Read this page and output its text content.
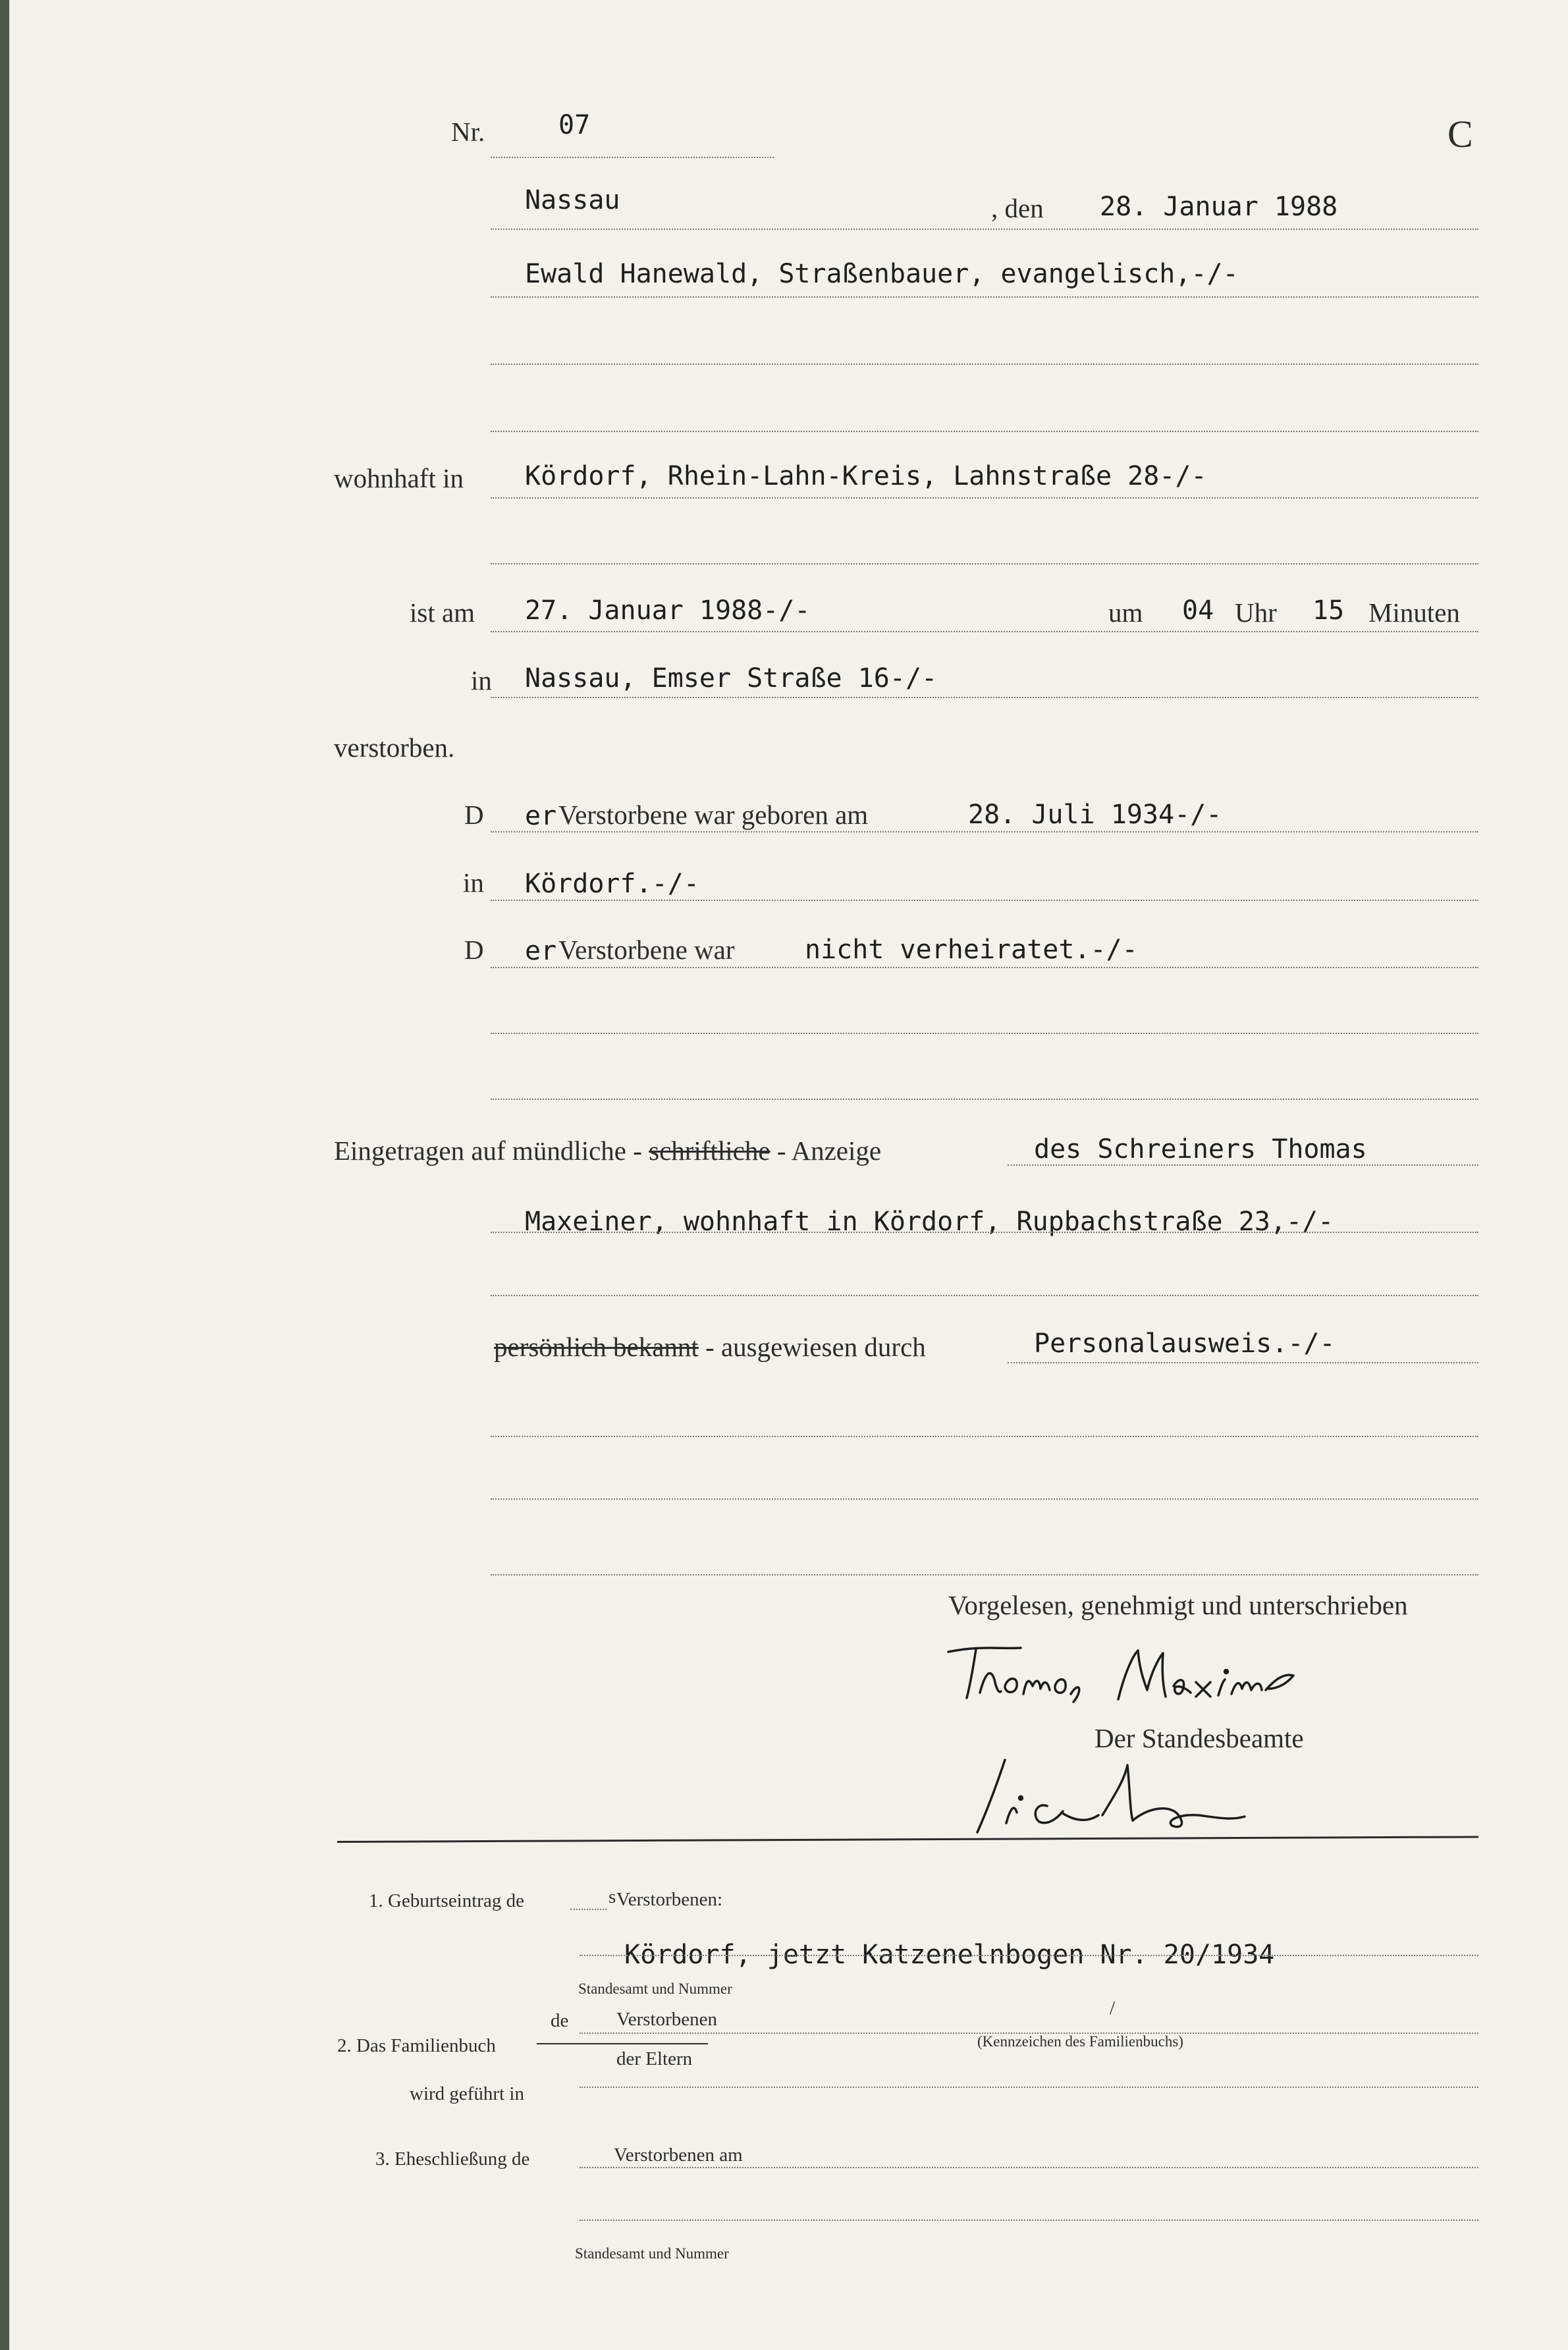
Nr.	07	C
Nassau	, den 28. Januar 1988
Ewald Hanewald, Straßenbauer, evangelisch,-/-
wohnhaft in Kördorf, Rhein-Lahn-Kreis, Lahnstraße 28-/-
ist am 27. Januar 1988-/-	um 04 Uhr 15 Minuten
in Nassau, Emser Straße 16-/-
verstorben.
D er Verstorbene war geboren am	28. Juli 1934-/-
in Kördorf.-/-
D er Verstorbene war	nicht verheiratet.-/-
Eingetragen auf mündliche - schriftliche - Anzeige	des Schreiners Thomas
Maxeiner, wohnhaft in Kördorf, Rupbachstraße 23,-/-
persönlich bekannt - ausgewiesen durch	Personalausweis.-/-
Vorgelesen, genehmigt und unterschrieben
Der Standesbeamte
1. Geburtseintrag de	s Verstorbenen:
Kördorf, jetzt Katzenelnbogen Nr. 20/1934
Standesamt und Nummer
de	Verstorbenen
/
2. Das Familienbuch	(Kennzeichen des Familienbuchs)
der Eltern
wird geführt in
3. Eheschließung de	Verstorbenen am
Standesamt und Nummer
